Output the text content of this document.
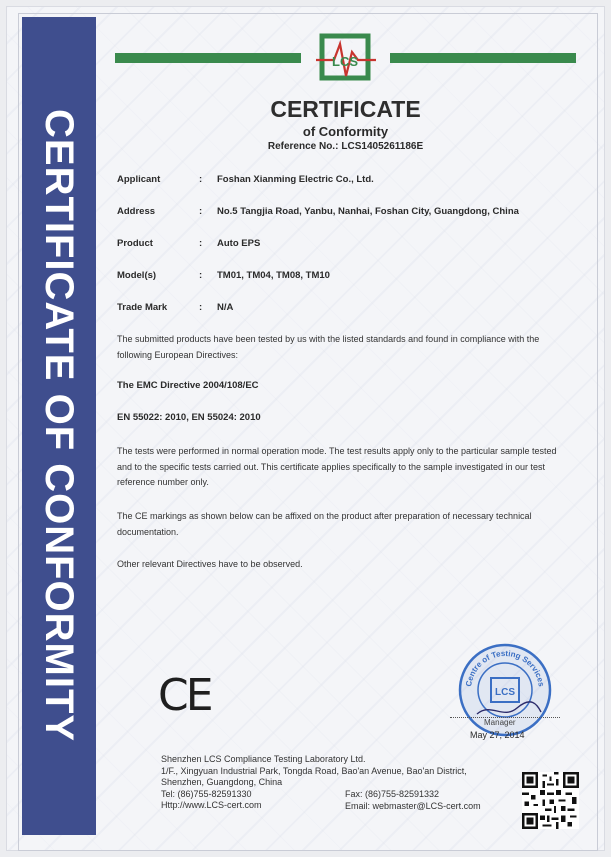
CERTIFICATE OF CONFORMITY
LCS
CERTIFICATE
of Conformity
Reference No.: LCS1405261186E
Applicant	: Foshan Xianming Electric Co., Ltd.
Address	: No.5 Tangjia Road, Yanbu, Nanhai, Foshan City, Guangdong, China
Product	: Auto EPS
Model(s)	: TM01, TM04, TM08, TM10
Trade Mark	: N/A
The submitted products have been tested by us with the listed standards and found in compliance with the following European Directives:
The EMC Directive 2004/108/EC
EN 55022: 2010, EN 55024: 2010
The tests were performed in normal operation mode. The test results apply only to the particular sample tested and to the specific tests carried out. This certificate applies specifically to the sample investigated in our test reference number only.
The CE markings as shown below can be affixed on the product after preparation of necessary technical documentation.
Other relevant Directives have to be observed.
CE	Centre of Testing Services
LCS
Manager
May 27, 2014
Shenzhen LCS Compliance Testing Laboratory Ltd.
1/F., Xingyuan Industrial Park, Tongda Road, Bao'an Avenue, Bao'an District,
Shenzhen, Guangdong, China
Tel: (86)755-82591330
Http://www.LCS-cert.com
Fax: (86)755-82591332
Email: webmaster@LCS-cert.com
